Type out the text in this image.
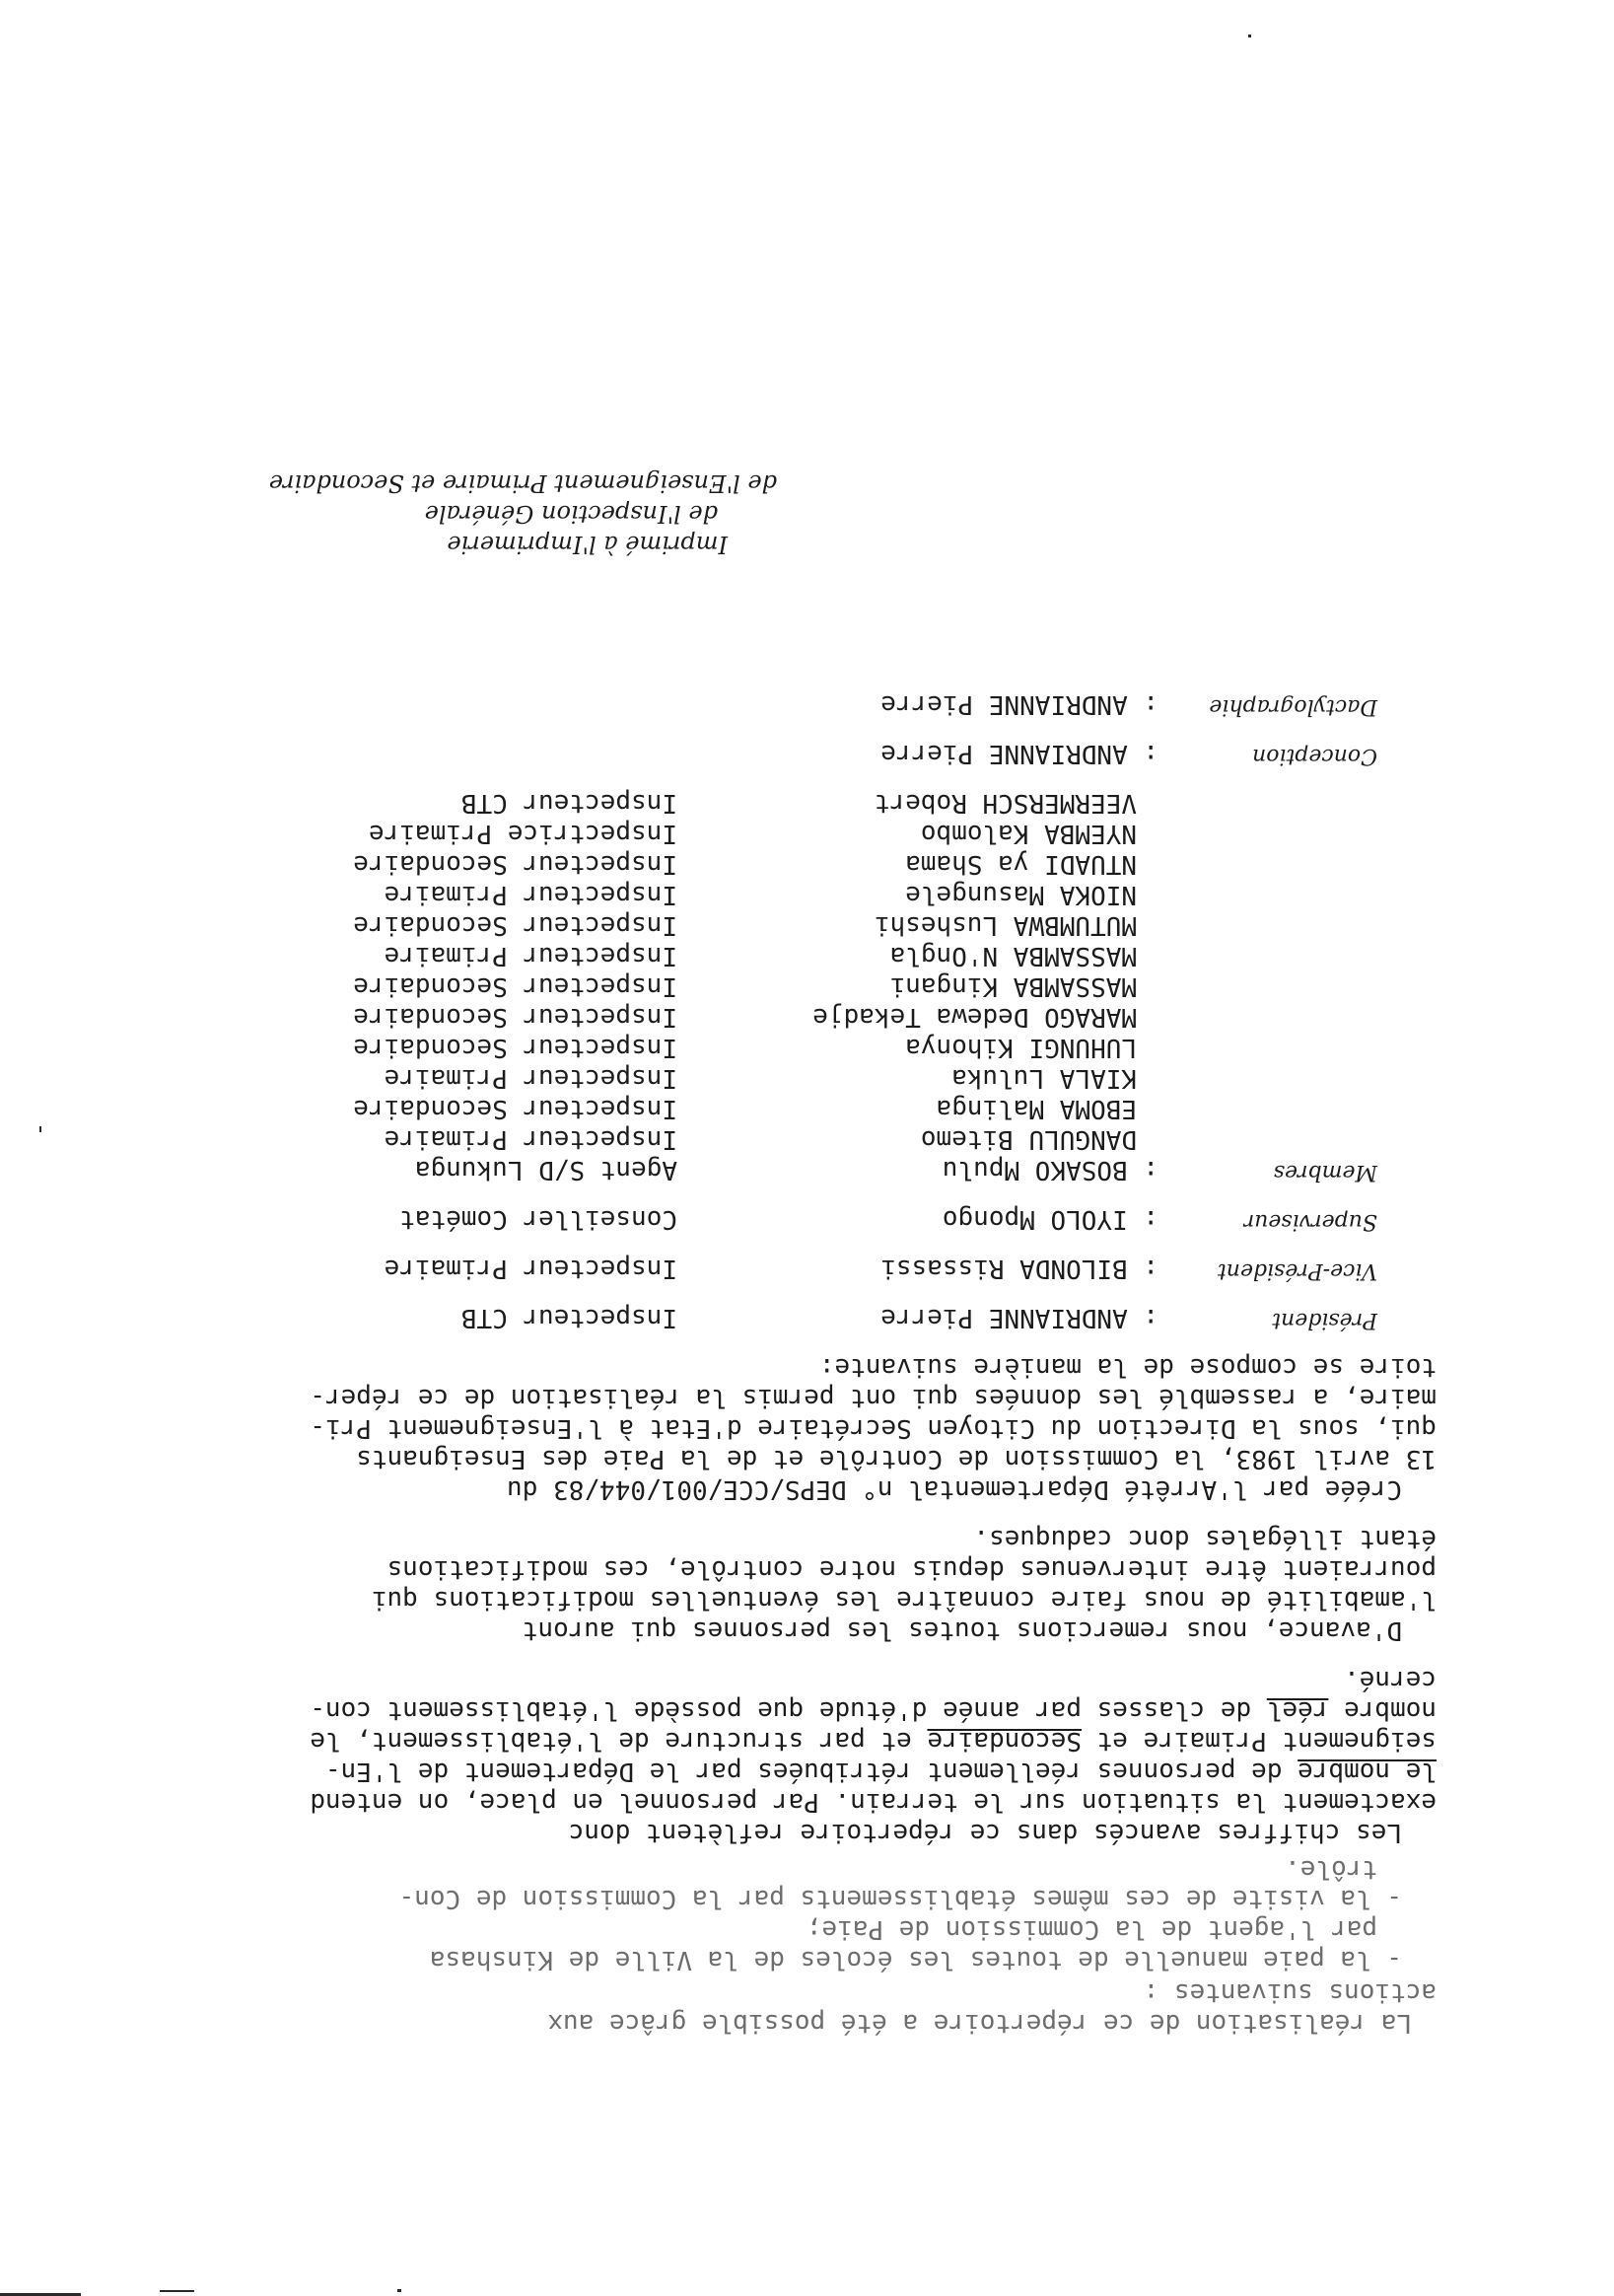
La réalisation de ce répertoire a été possible grâce aux
actions suivantes :
- la paie manuelle de toutes les écoles de la Ville de Kinshasa
par l'agent de la Commission de Paie;
- la visite de ces mêmes établissements par la Commission de Con-
trôle.
Les chiffres avancés dans ce répertoire reflètent donc
exactement la situation sur le terrain. Par personnel en place, on entend
le nombre de personnes réellement rétribuées par le Département de l'En-
seignement Primaire et Secondaire et par structure de l'établissement, le
nombre réel de classes par année d'étude que possède l'établissement con-
cerné.
D'avance, nous remercions toutes les personnes qui auront
l'amabilité de nous faire connaître les éventuelles modifications qui
pourraient être intervenues depuis notre contrôle, ces modifications
étant illégales donc caduques.
Créée par l'Arrêté Départemental n° DEPS/CCE/001/044/83 du
13 avril 1983, la Commission de Contrôle et de la Paie des Enseignants
qui, sous la Direction du Citoyen Secrétaire d'Etat à l'Enseignement Pri-
maire, a rassemblé les données qui ont permis la réalisation de ce réper-
toire se compose de la manière suivante:
Président
: ANDRIANNE Pierre
Inspecteur CTB
Vice-Président
: BILONDA Rissassi
Inspecteur Primaire
Superviseur
: IYOLO Mpongo
Conseiller Cométat
Membres
: BOSAKO Mpulu
Agent S/D Lukunga
DANGULU Bitemo
Inspecteur Primaire
EBOMA Malinga
Inspecteur Secondaire
KIALA Luluka
Inspecteur Primaire
LUHUNGI Kihonya
Inspecteur Secondaire
MARAGO Dedewa Tekadje
Inspecteur Secondaire
MASSAMBA Kingani
Inspecteur Secondaire
MASSAMBA N'Ongla
Inspecteur Primaire
MUTUMBWA Lusheshi
Inspecteur Secondaire
NIOKA Masungele
Inspecteur Primaire
NTUADI ya Shama
Inspecteur Secondaire
NYEMBA Kalombo
Inspectrice Primaire
VEERMERSCH Robert
Inspecteur CTB
Conception
: ANDRIANNE Pierre
Dactylographie
: ANDRIANNE Pierre
Imprimé à l'Imprimerie
de l'Inspection Générale
de l'Enseignement Primaire et Secondaire
